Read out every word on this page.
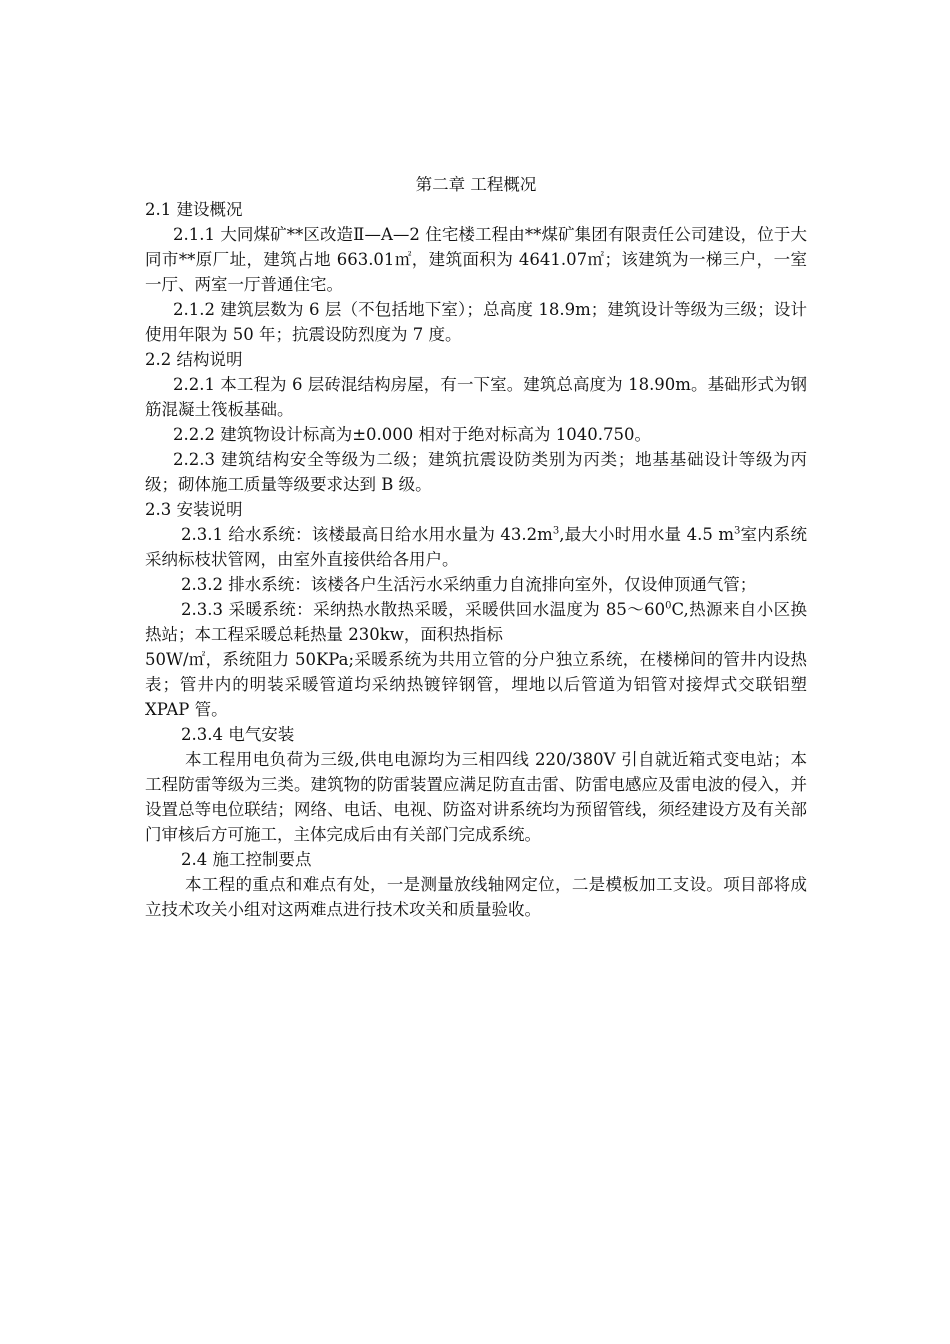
第二章 工程概况

2.1 建设概况

2.1.1 大同煤矿**区改造Ⅱ—A—2 住宅楼工程由**煤矿集团有限责任公司建设，位于大同市**原厂址，建筑占地 663.01㎡，建筑面积为 4641.07㎡；该建筑为一梯三户，一室一厅、两室一厅普通住宅。

2.1.2 建筑层数为 6 层（不包括地下室）；总高度 18.9m；建筑设计等级为三级；设计使用年限为 50 年；抗震设防烈度为 7 度。

2.2 结构说明

2.2.1 本工程为 6 层砖混结构房屋，有一下室。建筑总高度为 18.90m。基础形式为钢筋混凝土筏板基础。

2.2.2 建筑物设计标高为±0.000 相对于绝对标高为 1040.750。

2.2.3 建筑结构安全等级为二级；建筑抗震设防类别为丙类；地基基础设计等级为丙级；砌体施工质量等级要求达到 B 级。

2.3 安装说明

2.3.1 给水系统：该楼最高日给水用水量为 $43.2m^3$,最大小时用水量 4.5 $m^3$室内系统采纳标枝状管网，由室外直接供给各用户。

2.3.2 排水系统：该楼各户生活污水采纳重力自流排向室外，仅设伸顶通气管；

2.3.3 采暖系统：采纳热水散热采暖，采暖供回水温度为 $85\sim 60^0C$,热源来自小区换热站；本工程采暖总耗热量 230kw，面积热指标

50W/㎡，系统阻力 50KPa;采暖系统为共用立管的分户独立系统，在楼梯间的管井内设热表；管井内的明装采暖管道均采纳热镀锌钢管，埋地以后管道为铝管对接焊式交联铝塑 XPAP 管。

2.3.4 电气安装

本工程用电负荷为三级,供电电源均为三相四线 220/380V 引自就近箱式变电站；本工程防雷等级为三类。建筑物的防雷装置应满足防直击雷、防雷电感应及雷电波的侵入，并设置总等电位联结；网络、电话、电视、防盗对讲系统均为预留管线，须经建设方及有关部门审核后方可施工，主体完成后由有关部门完成系统。

2.4 施工控制要点

本工程的重点和难点有处，一是测量放线轴网定位，二是模板加工支设。项目部将成立技术攻关小组对这两难点进行技术攻关和质量验收。
